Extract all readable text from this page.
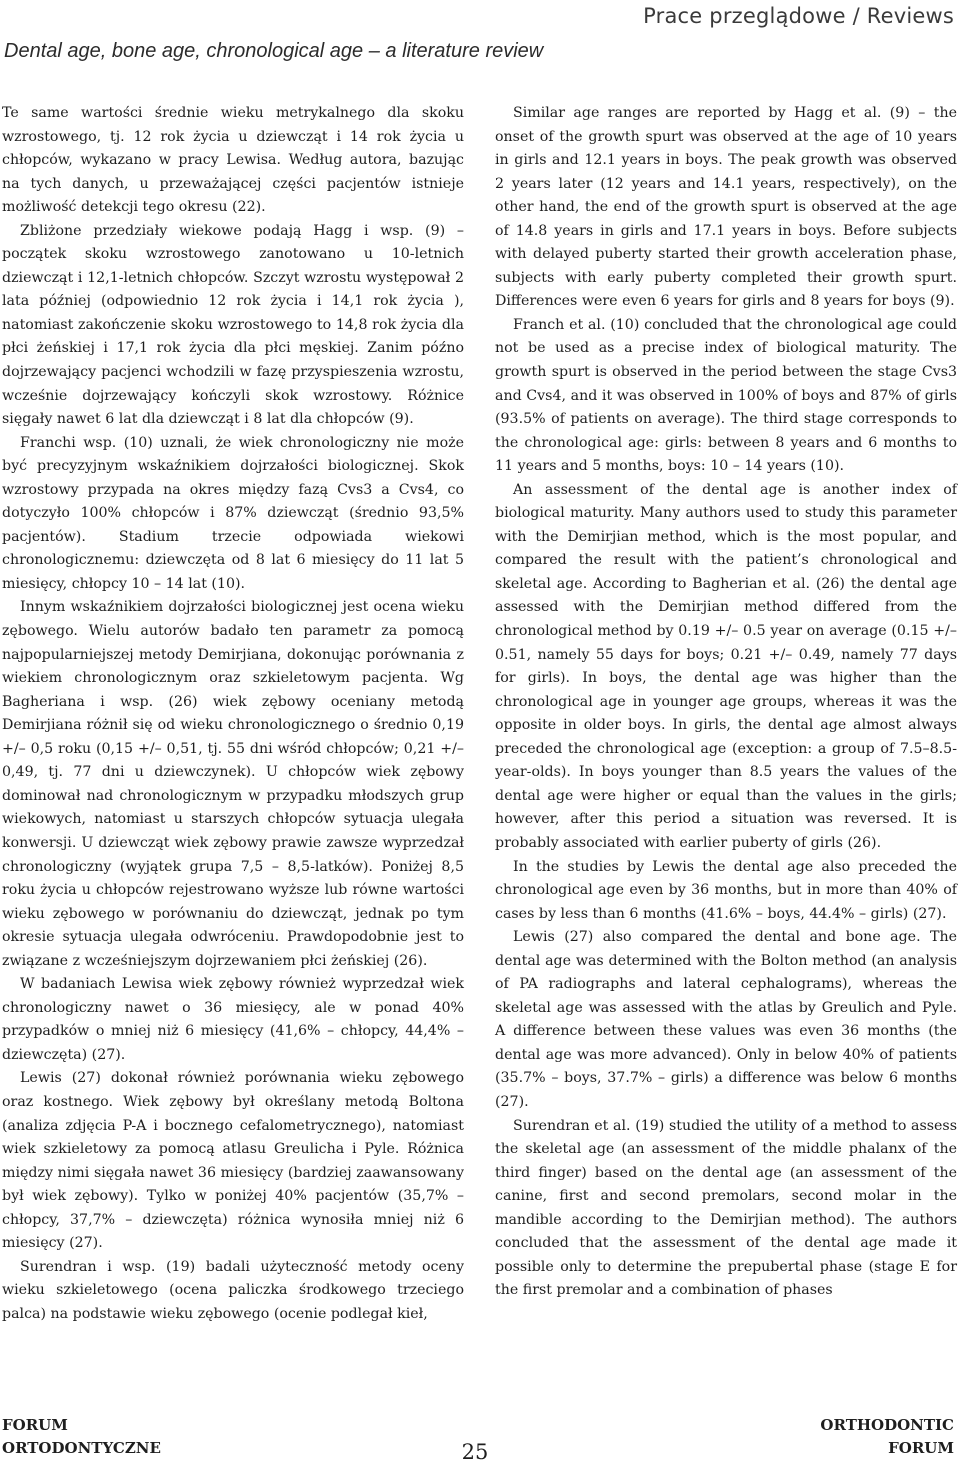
Prace przeglądowe / Reviews
Dental age, bone age, chronological age – a literature review

Te same wartości średnie wieku metrykalnego dla skoku wzrostowego, tj. 12 rok życia u dziewcząt i 14 rok życia u chłopców, wykazano w pracy Lewisa. Według autora, bazując na tych danych, u przeważającej części pacjentów istnieje możliwość detekcji tego okresu (22).

Zbliżone przedziały wiekowe podają Hagg i wsp. (9) – początek skoku wzrostowego zanotowano u 10-letnich dziewcząt i 12,1-letnich chłopców. Szczyt wzrostu występował 2 lata później (odpowiednio 12 rok życia i 14,1 rok życia ), natomiast zakończenie skoku wzrostowego to 14,8 rok życia dla płci żeńskiej i 17,1 rok życia dla płci męskiej. Zanim późno dojrzewający pacjenci wchodzili w fazę przyspieszenia wzrostu, wcześnie dojrzewający kończyli skok wzrostowy. Różnice sięgały nawet 6 lat dla dziewcząt i 8 lat dla chłopców (9).

Franchi wsp. (10) uznali, że wiek chronologiczny nie może być precyzyjnym wskaźnikiem dojrzałości biologicznej. Skok wzrostowy przypada na okres między fazą Cvs3 a Cvs4, co dotyczyło 100% chłopców i 87% dziewcząt (średnio 93,5% pacjentów). Stadium trzecie odpowiada wiekowi chronologicznemu: dziewczęta od 8 lat 6 miesięcy do 11 lat 5 miesięcy, chłopcy 10 – 14 lat (10).

Innym wskaźnikiem dojrzałości biologicznej jest ocena wieku zębowego. Wielu autorów badało ten parametr za pomocą najpopularniejszej metody Demirjiana, dokonując porównania z wiekiem chronologicznym oraz szkieletowym pacjenta. Wg Bagheriana i wsp. (26) wiek zębowy oceniany metodą Demirjiana różnił się od wieku chronologicznego o średnio 0,19 +/– 0,5 roku (0,15 +/– 0,51, tj. 55 dni wśród chłopców; 0,21 +/– 0,49, tj. 77 dni u dziewczynek). U chłopców wiek zębowy dominował nad chronologicznym w przypadku młodszych grup wiekowych, natomiast u starszych chłopców sytuacja ulegała konwersji. U dziewcząt wiek zębowy prawie zawsze wyprzedzał chronologiczny (wyjątek grupa 7,5 – 8,5-latków). Poniżej 8,5 roku życia u chłopców rejestrowano wyższe lub równe wartości wieku zębowego w porównaniu do dziewcząt, jednak po tym okresie sytuacja ulegała odwróceniu. Prawdopodobnie jest to związane z wcześniejszym dojrzewaniem płci żeńskiej (26).

W badaniach Lewisa wiek zębowy również wyprzedzał wiek chronologiczny nawet o 36 miesięcy, ale w ponad 40% przypadków o mniej niż 6 miesięcy (41,6% – chłopcy, 44,4% – dziewczęta) (27).

Lewis (27) dokonał również porównania wieku zębowego oraz kostnego. Wiek zębowy był określany metodą Boltona (analiza zdjęcia P-A i bocznego cefalometrycznego), natomiast wiek szkieletowy za pomocą atlasu Greulicha i Pyle. Różnica między nimi sięgała nawet 36 miesięcy (bardziej zaawansowany był wiek zębowy). Tylko w poniżej 40% pacjentów (35,7% – chłopcy, 37,7% – dziewczęta) różnica wynosiła mniej niż 6 miesięcy (27).

Surendran i wsp. (19) badali użyteczność metody oceny wieku szkieletowego (ocena paliczka środkowego trzeciego palca) na podstawie wieku zębowego (ocenie podlegał kieł,

Similar age ranges are reported by Hagg et al. (9) – the onset of the growth spurt was observed at the age of 10 years in girls and 12.1 years in boys. The peak growth was observed 2 years later (12 years and 14.1 years, respectively), on the other hand, the end of the growth spurt is observed at the age of 14.8 years in girls and 17.1 years in boys. Before subjects with delayed puberty started their growth acceleration phase, subjects with early puberty completed their growth spurt. Differences were even 6 years for girls and 8 years for boys (9).

Franch et al. (10) concluded that the chronological age could not be used as a precise index of biological maturity. The growth spurt is observed in the period between the stage Cvs3 and Cvs4, and it was observed in 100% of boys and 87% of girls (93.5% of patients on average). The third stage corresponds to the chronological age: girls: between 8 years and 6 months to 11 years and 5 months, boys: 10 – 14 years (10).

An assessment of the dental age is another index of biological maturity. Many authors used to study this parameter with the Demirjian method, which is the most popular, and compared the result with the patient’s chronological and skeletal age. According to Bagherian et al. (26) the dental age assessed with the Demirjian method differed from the chronological method by 0.19 +/– 0.5 year on average (0.15 +/– 0.51, namely 55 days for boys; 0.21 +/– 0.49, namely 77 days for girls). In boys, the dental age was higher than the chronological age in younger age groups, whereas it was the opposite in older boys. In girls, the dental age almost always preceded the chronological age (exception: a group of 7.5–8.5-year-olds). In boys younger than 8.5 years the values of the dental age were higher or equal than the values in the girls; however, after this period a situation was reversed. It is probably associated with earlier puberty of girls (26).

In the studies by Lewis the dental age also preceded the chronological age even by 36 months, but in more than 40% of cases by less than 6 months (41.6% – boys, 44.4% – girls) (27).

Lewis (27) also compared the dental and bone age. The dental age was determined with the Bolton method (an analysis of PA radiographs and lateral cephalograms), whereas the skeletal age was assessed with the atlas by Greulich and Pyle. A difference between these values was even 36 months (the dental age was more advanced). Only in below 40% of patients (35.7% – boys, 37.7% – girls) a difference was below 6 months (27).

Surendran et al. (19) studied the utility of a method to assess the skeletal age (an assessment of the middle phalanx of the third finger) based on the dental age (an assessment of the canine, first and second premolars, second molar in the mandible according to the Demirjian method). The authors concluded that the assessment of the dental age made it possible only to determine the prepubertal phase (stage E for the first premolar and a combination of phases

FORUM
ORTODONTYCZNE	25
ORTHODONTIC
FORUM
